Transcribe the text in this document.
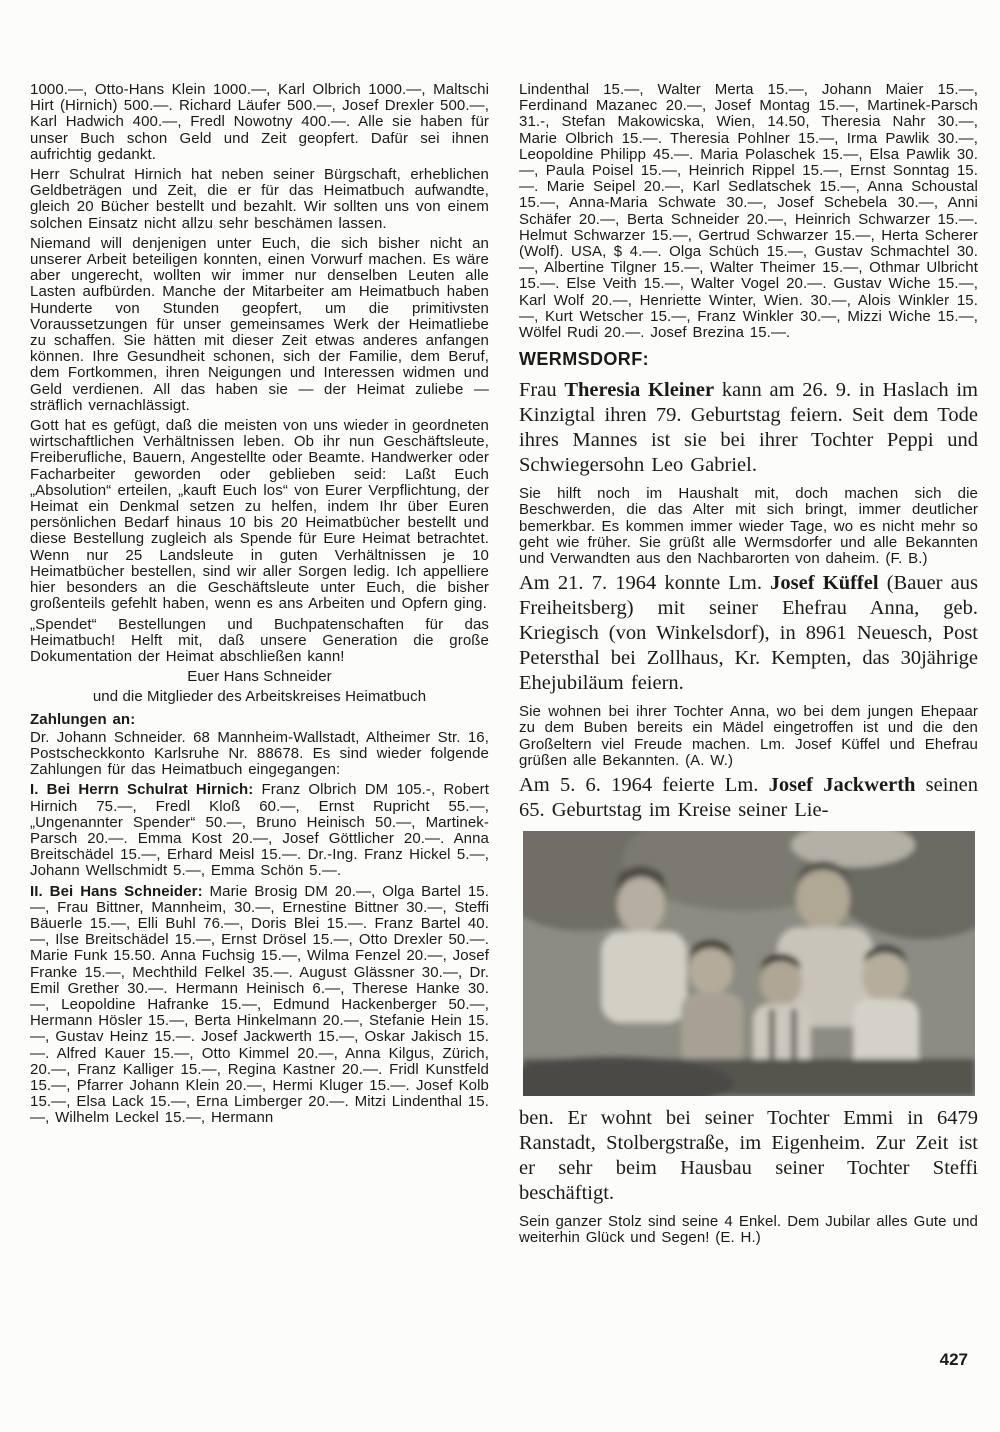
1000.—, Otto-Hans Klein 1000.—, Karl Olbrich 1000.—, Maltschi Hirt (Hirnich) 500.—. Richard Läufer 500.—, Josef Drexler 500.—, Karl Hadwich 400.—, Fredl Nowotny 400.—. Alle sie haben für unser Buch schon Geld und Zeit geopfert. Dafür sei ihnen aufrichtig gedankt.

Herr Schulrat Hirnich hat neben seiner Bürgschaft, erheblichen Geldbeträgen und Zeit, die er für das Heimatbuch aufwandte, gleich 20 Bücher bestellt und bezahlt. Wir sollten uns von einem solchen Einsatz nicht allzu sehr beschämen lassen.

Niemand will denjenigen unter Euch, die sich bisher nicht an unserer Arbeit beteiligen konnten, einen Vorwurf machen. Es wäre aber ungerecht, wollten wir immer nur denselben Leuten alle Lasten aufbürden. Manche der Mitarbeiter am Heimatbuch haben Hunderte von Stunden geopfert, um die primitivsten Voraussetzungen für unser gemeinsames Werk der Heimatliebe zu schaffen. Sie hätten mit dieser Zeit etwas anderes anfangen können. Ihre Gesundheit schonen, sich der Familie, dem Beruf, dem Fortkommen, ihren Neigungen und Interessen widmen und Geld verdienen. All das haben sie — der Heimat zuliebe — sträflich vernachlässigt.

Gott hat es gefügt, daß die meisten von uns wieder in geordneten wirtschaftlichen Verhältnissen leben. Ob ihr nun Geschäftsleute, Freiberufliche, Bauern, Angestellte oder Beamte. Handwerker oder Facharbeiter geworden oder geblieben seid: Laßt Euch „Absolution“ erteilen, „kauft Euch los“ von Eurer Verpflichtung, der Heimat ein Denkmal setzen zu helfen, indem Ihr über Euren persönlichen Bedarf hinaus 10 bis 20 Heimatbücher bestellt und diese Bestellung zugleich als Spende für Eure Heimat betrachtet. Wenn nur 25 Landsleute in guten Verhältnissen je 10 Heimatbücher bestellen, sind wir aller Sorgen ledig. Ich appelliere hier besonders an die Geschäftsleute unter Euch, die bisher großenteils gefehlt haben, wenn es ans Arbeiten und Opfern ging.

„Spendet“ Bestellungen und Buchpatenschaften für das Heimatbuch! Helft mit, daß unsere Generation die große Dokumentation der Heimat abschließen kann!

Euer Hans Schneider

und die Mitglieder des Arbeitskreises Heimatbuch

Zahlungen an:

Dr. Johann Schneider. 68 Mannheim-Wallstadt, Altheimer Str. 16, Postscheckkonto Karlsruhe Nr. 88678. Es sind wieder folgende Zahlungen für das Heimatbuch eingegangen:

I. Bei Herrn Schulrat Hirnich: Franz Olbrich DM 105.-, Robert Hirnich 75.—, Fredl Kloß 60.—, Ernst Rupricht 55.—, „Ungenannter Spender“ 50.—, Bruno Heinisch 50.—, Martinek-Parsch 20.—. Emma Kost 20.—, Josef Göttlicher 20.—. Anna Breitschädel 15.—, Erhard Meisl 15.—. Dr.-Ing. Franz Hickel 5.—, Johann Wellschmidt 5.—, Emma Schön 5.—.

II. Bei Hans Schneider: Marie Brosig DM 20.—, Olga Bartel 15.—, Frau Bittner, Mannheim, 30.—, Ernestine Bittner 30.—, Steffi Bäuerle 15.—, Elli Buhl 76.—, Doris Blei 15.—. Franz Bartel 40.—, Ilse Breitschädel 15.—, Ernst Drösel 15.—, Otto Drexler 50.—. Marie Funk 15.50. Anna Fuchsig 15.—, Wilma Fenzel 20.—, Josef Franke 15.—, Mechthild Felkel 35.—. August Glässner 30.—, Dr. Emil Grether 30.—. Hermann Heinisch 6.—, Therese Hanke 30.—, Leopoldine Hafranke 15.—, Edmund Hackenberger 50.—, Hermann Hösler 15.—, Berta Hinkelmann 20.—, Stefanie Hein 15.—, Gustav Heinz 15.—. Josef Jackwerth 15.—, Oskar Jakisch 15.—. Alfred Kauer 15.—, Otto Kimmel 20.—, Anna Kilgus, Zürich, 20.—, Franz Kalliger 15.—, Regina Kastner 20.—. Fridl Kunstfeld 15.—, Pfarrer Johann Klein 20.—, Hermi Kluger 15.—. Josef Kolb 15.—, Elsa Lack 15.—, Erna Limberger 20.—. Mitzi Lindenthal 15.—, Wilhelm Leckel 15.—, Hermann

Lindenthal 15.—, Walter Merta 15.—, Johann Maier 15.—, Ferdinand Mazanec 20.—, Josef Montag 15.—, Martinek-Parsch 31.-, Stefan Makowicska, Wien, 14.50, Theresia Nahr 30.—, Marie Olbrich 15.—. Theresia Pohlner 15.—, Irma Pawlik 30.—, Leopoldine Philipp 45.—. Maria Polaschek 15.—, Elsa Pawlik 30.—, Paula Poisel 15.—, Heinrich Rippel 15.—, Ernst Sonntag 15.—. Marie Seipel 20.—, Karl Sedlatschek 15.—, Anna Schoustal 15.—, Anna-Maria Schwate 30.—, Josef Schebela 30.—, Anni Schäfer 20.—, Berta Schneider 20.—, Heinrich Schwarzer 15.—. Helmut Schwarzer 15.—, Gertrud Schwarzer 15.—, Herta Scherer (Wolf). USA, $ 4.—. Olga Schüch 15.—, Gustav Schmachtel 30.—, Albertine Tilgner 15.—, Walter Theimer 15.—, Othmar Ulbricht 15.—. Else Veith 15.—, Walter Vogel 20.—. Gustav Wiche 15.—, Karl Wolf 20.—, Henriette Winter, Wien. 30.—, Alois Winkler 15.—, Kurt Wetscher 15.—, Franz Winkler 30.—, Mizzi Wiche 15.—, Wölfel Rudi 20.—. Josef Brezina 15.—.

WERMSDORF:

Frau Theresia Kleiner kann am 26. 9. in Haslach im Kinzigtal ihren 79. Geburtstag feiern. Seit dem Tode ihres Mannes ist sie bei ihrer Tochter Peppi und Schwiegersohn Leo Gabriel.

Sie hilft noch im Haushalt mit, doch machen sich die Beschwerden, die das Alter mit sich bringt, immer deutlicher bemerkbar. Es kommen immer wieder Tage, wo es nicht mehr so geht wie früher. Sie grüßt alle Wermsdorfer und alle Bekannten und Verwandten aus den Nachbarorten von daheim. (F. B.)

Am 21. 7. 1964 konnte Lm. Josef Küffel (Bauer aus Freiheitsberg) mit seiner Ehefrau Anna, geb. Kriegisch (von Winkelsdorf), in 8961 Neuesch, Post Petersthal bei Zollhaus, Kr. Kempten, das 30jährige Ehejubiläum feiern.

Sie wohnen bei ihrer Tochter Anna, wo bei dem jungen Ehepaar zu dem Buben bereits ein Mädel eingetroffen ist und die den Großeltern viel Freude machen. Lm. Josef Küffel und Ehefrau grüßen alle Bekannten. (A. W.)

Am 5. 6. 1964 feierte Lm. Josef Jackwerth seinen 65. Geburtstag im Kreise seiner Lie-

ben. Er wohnt bei seiner Tochter Emmi in 6479 Ranstadt, Stolbergstraße, im Eigenheim. Zur Zeit ist er sehr beim Hausbau seiner Tochter Steffi beschäftigt.

Sein ganzer Stolz sind seine 4 Enkel. Dem Jubilar alles Gute und weiterhin Glück und Segen! (E. H.)

427
